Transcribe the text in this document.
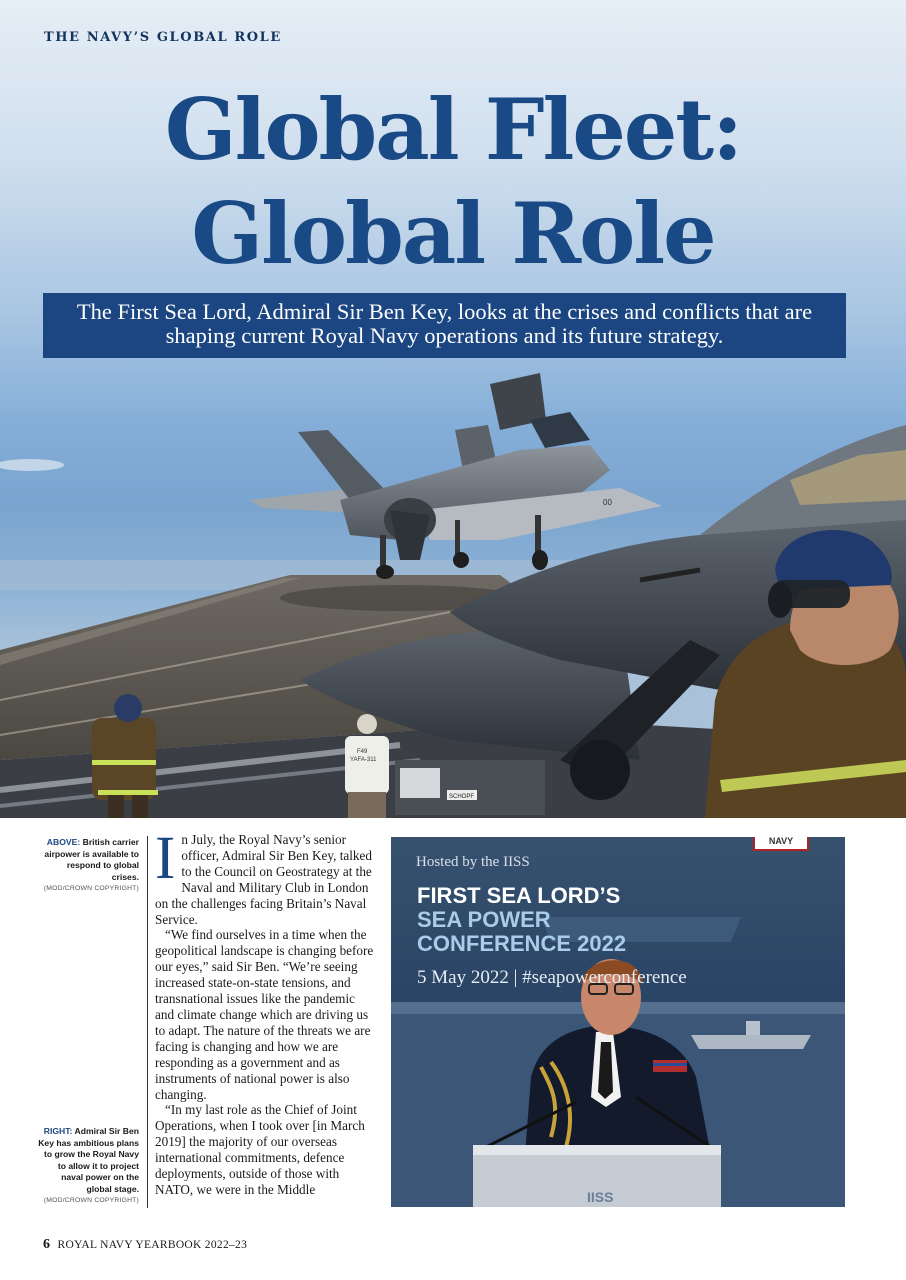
00
F49
YAFA-311
SCHOPF
THE NAVY’S GLOBAL ROLE
Global Fleet:
Global Role
The First Sea Lord, Admiral Sir Ben Key, looks at the crises and conflicts that are shaping current Royal Navy operations and its future strategy.
ABOVE: British carrier airpower is available to respond to global crises.
(MOD/CROWN COPYRIGHT)
RIGHT: Admiral Sir Ben Key has ambitious plans to grow the Royal Navy to allow it to project naval power on the global stage.
(MOD/CROWN COPYRIGHT)

In July, the Royal Navy’s senior officer, Admiral Sir Ben Key, talked to the Council on Geostrategy at the Naval and Military Club in London on the challenges facing Britain’s Naval Service.

“We find ourselves in a time when the geopolitical landscape is changing before our eyes,” said Sir Ben. “We’re seeing increased state-on-state tensions, and transnational issues like the pandemic and climate change which are driving us to adapt. The nature of the threats we are facing is changing and how we are responding as a government and as instruments of national power is also changing.

“In my last role as the Chief of Joint Operations, when I took over [in March 2019] the majority of our overseas international commitments, defence deployments, outside of those with NATO, we were in the Middle

NAVY
Hosted by the IISS
FIRST SEA LORD’S
SEA POWER
CONFERENCE 2022
5 May 2022 | #seapowerconference
IISS
6 ROYAL NAVY YEARBOOK 2022–23
